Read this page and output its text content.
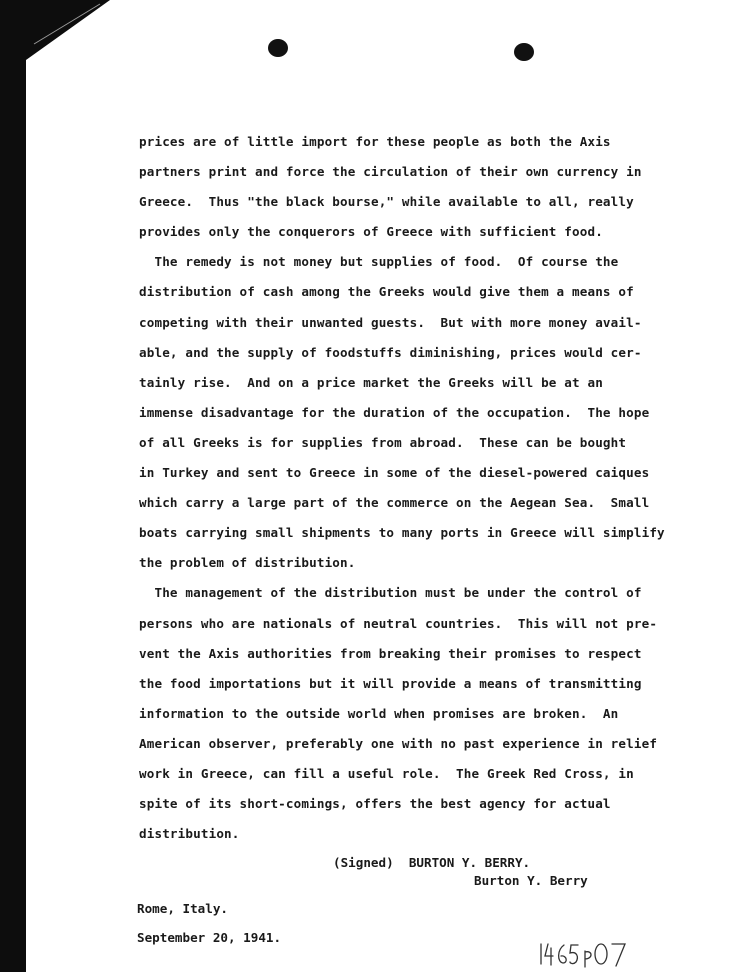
prices are of little import for these people as both the Axis
partners print and force the circulation of their own currency in
Greece.  Thus "the black bourse," while available to all, really
provides only the conquerors of Greece with sufficient food.
The remedy is not money but supplies of food.  Of course the
distribution of cash among the Greeks would give them a means of
competing with their unwanted guests.  But with more money avail-
able, and the supply of foodstuffs diminishing, prices would cer-
tainly rise.  And on a price market the Greeks will be at an
immense disadvantage for the duration of the occupation.  The hope
of all Greeks is for supplies from abroad.  These can be bought
in Turkey and sent to Greece in some of the diesel-powered caiques
which carry a large part of the commerce on the Aegean Sea.  Small
boats carrying small shipments to many ports in Greece will simplify
the problem of distribution.
The management of the distribution must be under the control of
persons who are nationals of neutral countries.  This will not pre-
vent the Axis authorities from breaking their promises to respect
the food importations but it will provide a means of transmitting
information to the outside world when promises are broken.  An
American observer, preferably one with no past experience in relief
work in Greece, can fill a useful role.  The Greek Red Cross, in
spite of its short-comings, offers the best agency for actual
distribution.
(Signed)  BURTON Y. BERRY.
Burton Y. Berry
Rome, Italy.
September 20, 1941.
